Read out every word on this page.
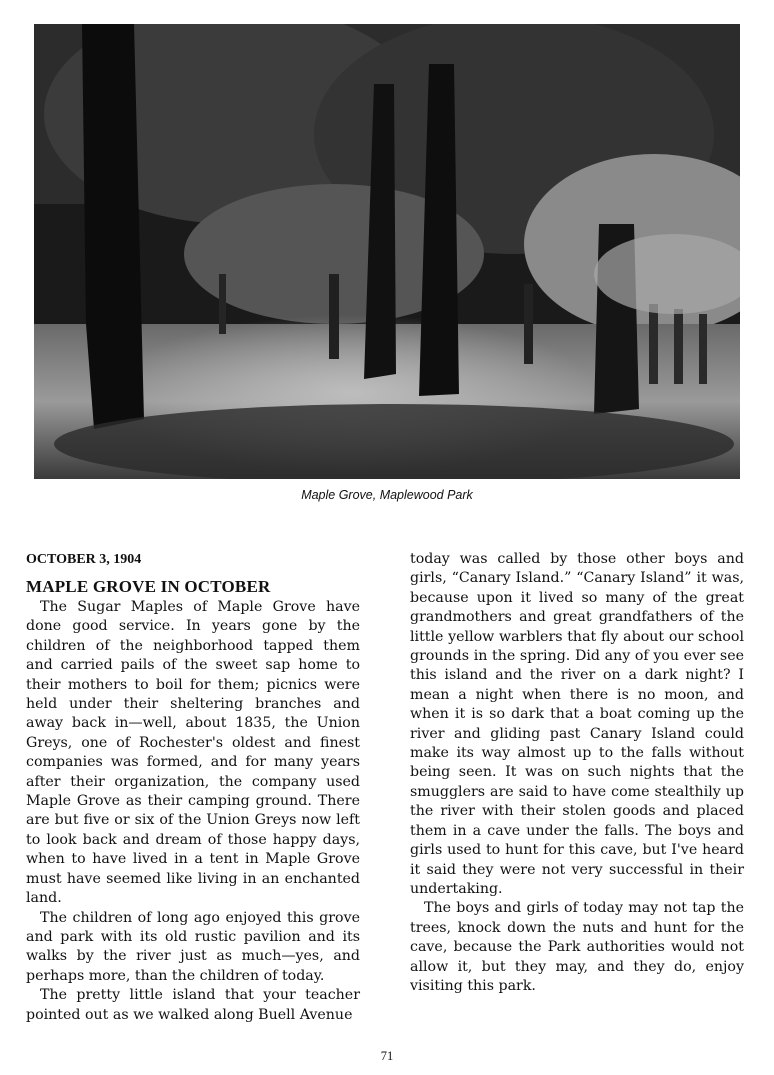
Maple Grove, Maplewood Park
OCTOBER 3, 1904
MAPLE GROVE IN OCTOBER

The Sugar Maples of Maple Grove have done good service. In years gone by the children of the neighborhood tapped them and carried pails of the sweet sap home to their mothers to boil for them; picnics were held under their sheltering branches and away back in—well, about 1835, the Union Greys, one of Rochester's oldest and finest companies was formed, and for many years after their organization, the company used Maple Grove as their camping ground. There are but five or six of the Union Greys now left to look back and dream of those happy days, when to have lived in a tent in Maple Grove must have seemed like living in an enchanted land.

The children of long ago enjoyed this grove and park with its old rustic pavilion and its walks by the river just as much—yes, and perhaps more, than the children of today.

The pretty little island that your teacher pointed out as we walked along Buell Avenue

today was called by those other boys and girls, “Canary Island.” “Canary Island” it was, because upon it lived so many of the great grandmothers and great grandfathers of the little yellow warblers that fly about our school grounds in the spring. Did any of you ever see this island and the river on a dark night? I mean a night when there is no moon, and when it is so dark that a boat coming up the river and gliding past Canary Island could make its way almost up to the falls without being seen. It was on such nights that the smugglers are said to have come stealthily up the river with their stolen goods and placed them in a cave under the falls. The boys and girls used to hunt for this cave, but I've heard it said they were not very successful in their undertaking.

The boys and girls of today may not tap the trees, knock down the nuts and hunt for the cave, because the Park authorities would not allow it, but they may, and they do, enjoy visiting this park.

71
